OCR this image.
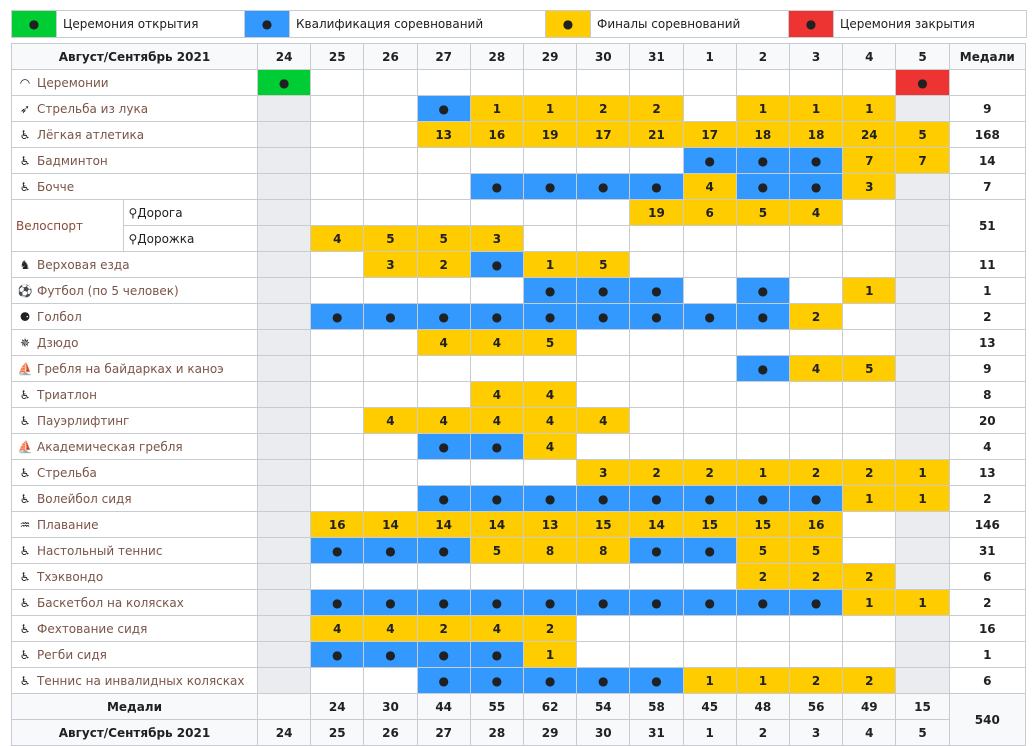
●	Церемония открытия	●	Квалификация соревнований	●	Финалы соревнований	●	Церемония закрытия
Август/Сентябрь 2021		24	25	26	27	28	29	30	31	1	2	3	4	5	Медали
◠ Церемонии		●												●	
➶ Стрельба из лука					●	1	1	2	2		1	1	1		9
♿ Лёгкая атлетика					13	16	19	17	21	17	18	18	24	5	168
♿ Бадминтон										●	●	●	7	7	14
♿ Бочче						●	●	●	●	4	●	●	3		7
Велоспорт	⚲Дорога								19	6	5	4			51
	⚲Дорожка		4	5	5	3									
♞ Верховая езда				3	2	●	1	5							11
⚽ Футбол (по 5 человек)							●	●	●		●		1		1
⚈ Голбол			●	●	●	●	●	●	●	●	●	2			2
✵ Дзюдо					4	4	5								13
⛵ Гребля на байдарках и каноэ											●	4	5		9
♿ Триатлон						4	4								8
♿ Пауэрлифтинг				4	4	4	4	4							20
⛵ Академическая гребля					●	●	4								4
♿ Стрельба								3	2	2	1	2	2	1	13
♿ Волейбол сидя					●	●	●	●	●	●	●	●	1	1	2
♒ Плавание			16	14	14	14	13	15	14	15	15	16			146
♿ Настольный теннис			●	●	●	5	8	8	●	●	5	5			31
♿ Тхэквондо											2	2	2		6
♿ Баскетбол на колясках			●	●	●	●	●	●	●	●	●	●	1	1	2
♿ Фехтование сидя			4	4	2	4	2								16
♿ Регби сидя			●	●	●	●	1								1
♿ Теннис на инвалидных колясках					●	●	●	●	●	1	1	2	2		6
Медали			24	30	44	55	62	54	58	45	48	56	49	15	540
Август/Сентябрь 2021		24	25	26	27	28	29	30	31	1	2	3	4	5	
